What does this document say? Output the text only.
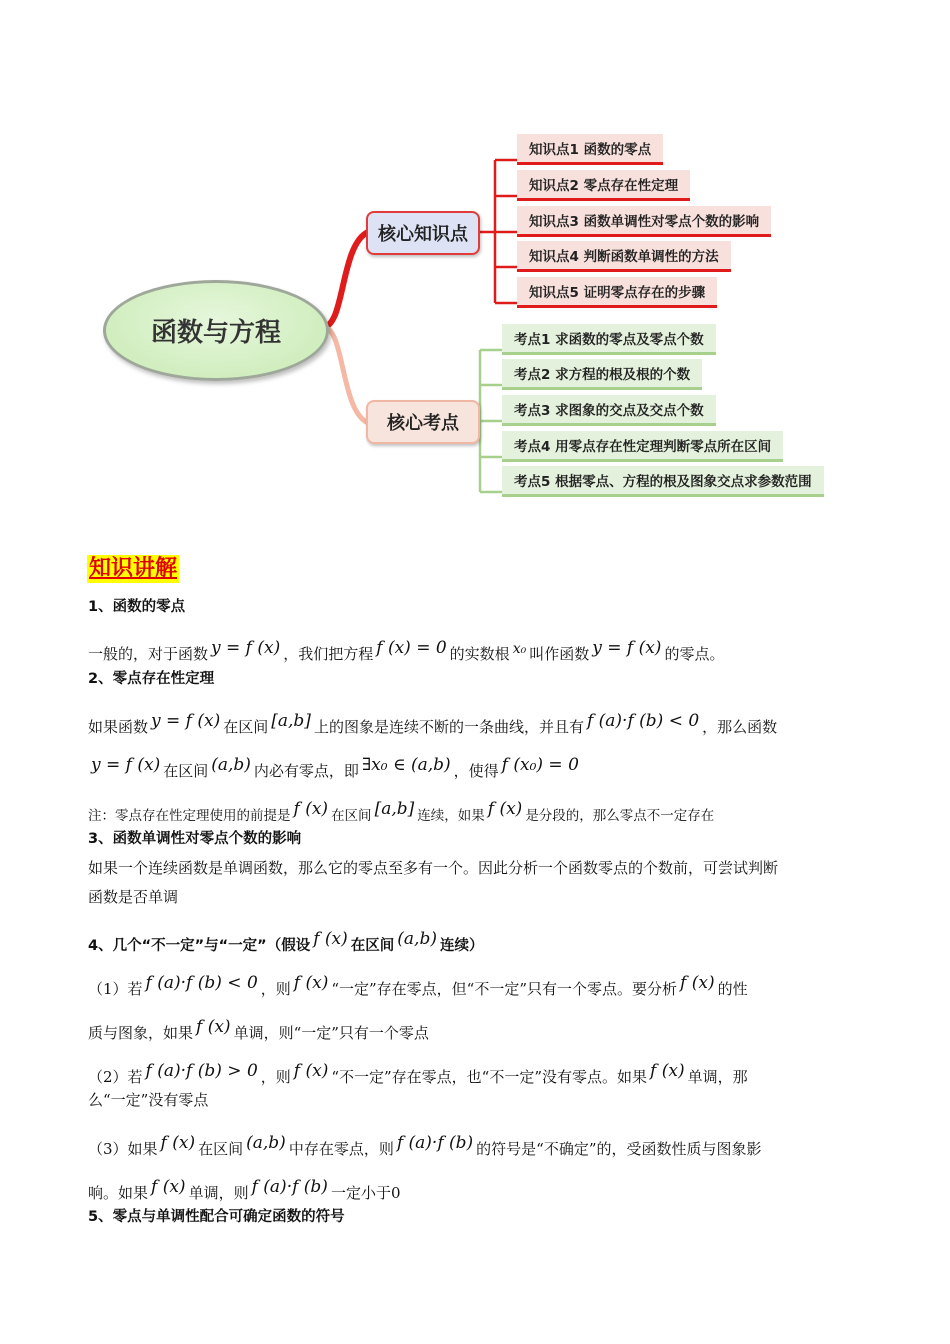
函数与方程
核心知识点
核心考点
知识点1 函数的零点
知识点2 零点存在性定理
知识点3 函数单调性对零点个数的影响
知识点4 判断函数单调性的方法
知识点5 证明零点存在的步骤
考点1 求函数的零点及零点个数
考点2 求方程的根及根的个数
考点3 求图象的交点及交点个数
考点4 用零点存在性定理判断零点所在区间
考点5 根据零点、方程的根及图象交点求参数范围
知识讲解
1、函数的零点
一般的，对于函数 y = f (x) ，我们把方程 f (x) = 0 的实数根 x₀ 叫作函数 y = f (x) 的零点。
2、零点存在性定理
如果函数 y = f (x) 在区间 [a,b] 上的图象是连续不断的一条曲线，并且有 f (a)·f (b) < 0 ，那么函数
y = f (x) 在区间 (a,b) 内必有零点，即 ∃x₀ ∈ (a,b) ，使得 f (x₀) = 0
注：零点存在性定理使用的前提是 f (x) 在区间 [a,b] 连续，如果 f (x) 是分段的，那么零点不一定存在
3、函数单调性对零点个数的影响
如果一个连续函数是单调函数，那么它的零点至多有一个。因此分析一个函数零点的个数前，可尝试判断
函数是否单调
4、几个“不一定”与“一定”（假设 f (x) 在区间 (a,b) 连续）
（1）若 f (a)·f (b) < 0 ，则 f (x) “一定”存在零点，但“不一定”只有一个零点。要分析 f (x) 的性
质与图象，如果 f (x) 单调，则“一定”只有一个零点
（2）若 f (a)·f (b) > 0 ，则 f (x) “不一定”存在零点，也“不一定”没有零点。如果 f (x) 单调，那
么“一定”没有零点
（3）如果 f (x) 在区间 (a,b) 中存在零点，则 f (a)·f (b) 的符号是“不确定”的，受函数性质与图象影
响。如果 f (x) 单调，则 f (a)·f (b) 一定小于0
5、零点与单调性配合可确定函数的符号
